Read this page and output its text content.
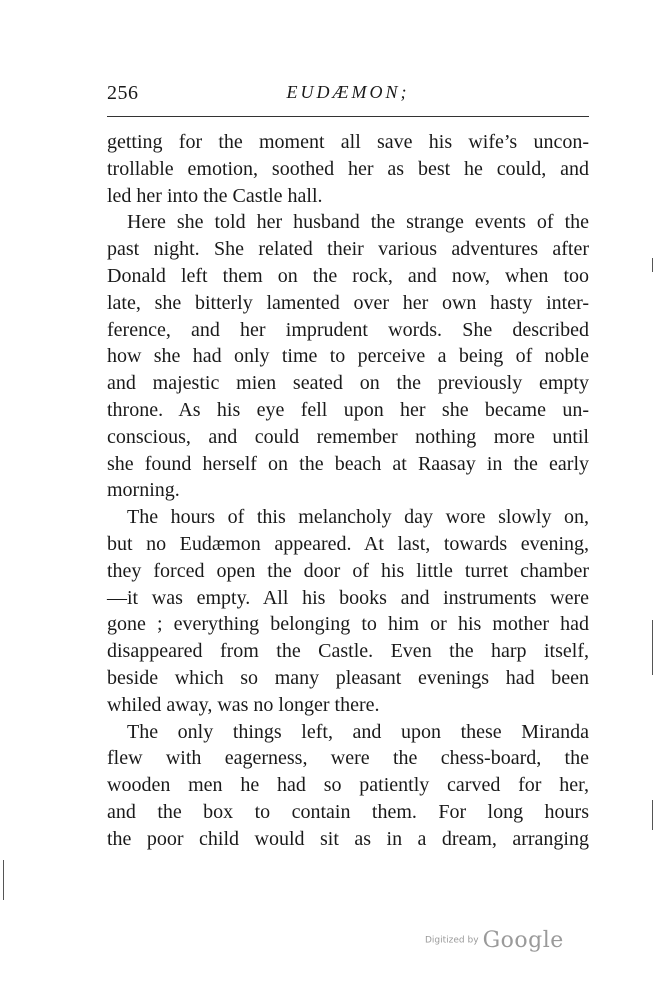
256	EUDÆMON;

getting for the moment all save his wife’s uncon-
trollable emotion, soothed her as best he could, and
led her into the Castle hall.

Here she told her husband the strange events of the
past night. She related their various adventures after
Donald left them on the rock, and now, when too
late, she bitterly lamented over her own hasty inter-
ference, and her imprudent words. She described
how she had only time to perceive a being of noble
and majestic mien seated on the previously empty
throne. As his eye fell upon her she became un-
conscious, and could remember nothing more until
she found herself on the beach at Raasay in the early
morning.

The hours of this melancholy day wore slowly on,
but no Eudæmon appeared. At last, towards evening,
they forced open the door of his little turret chamber
—it was empty. All his books and instruments were
gone ; everything belonging to him or his mother had
disappeared from the Castle. Even the harp itself,
beside which so many pleasant evenings had been
whiled away, was no longer there.

The only things left, and upon these Miranda
flew with eagerness, were the chess-board, the
wooden men he had so patiently carved for her,
and the box to contain them. For long hours
the poor child would sit as in a dream, arranging

Digitized by Google
